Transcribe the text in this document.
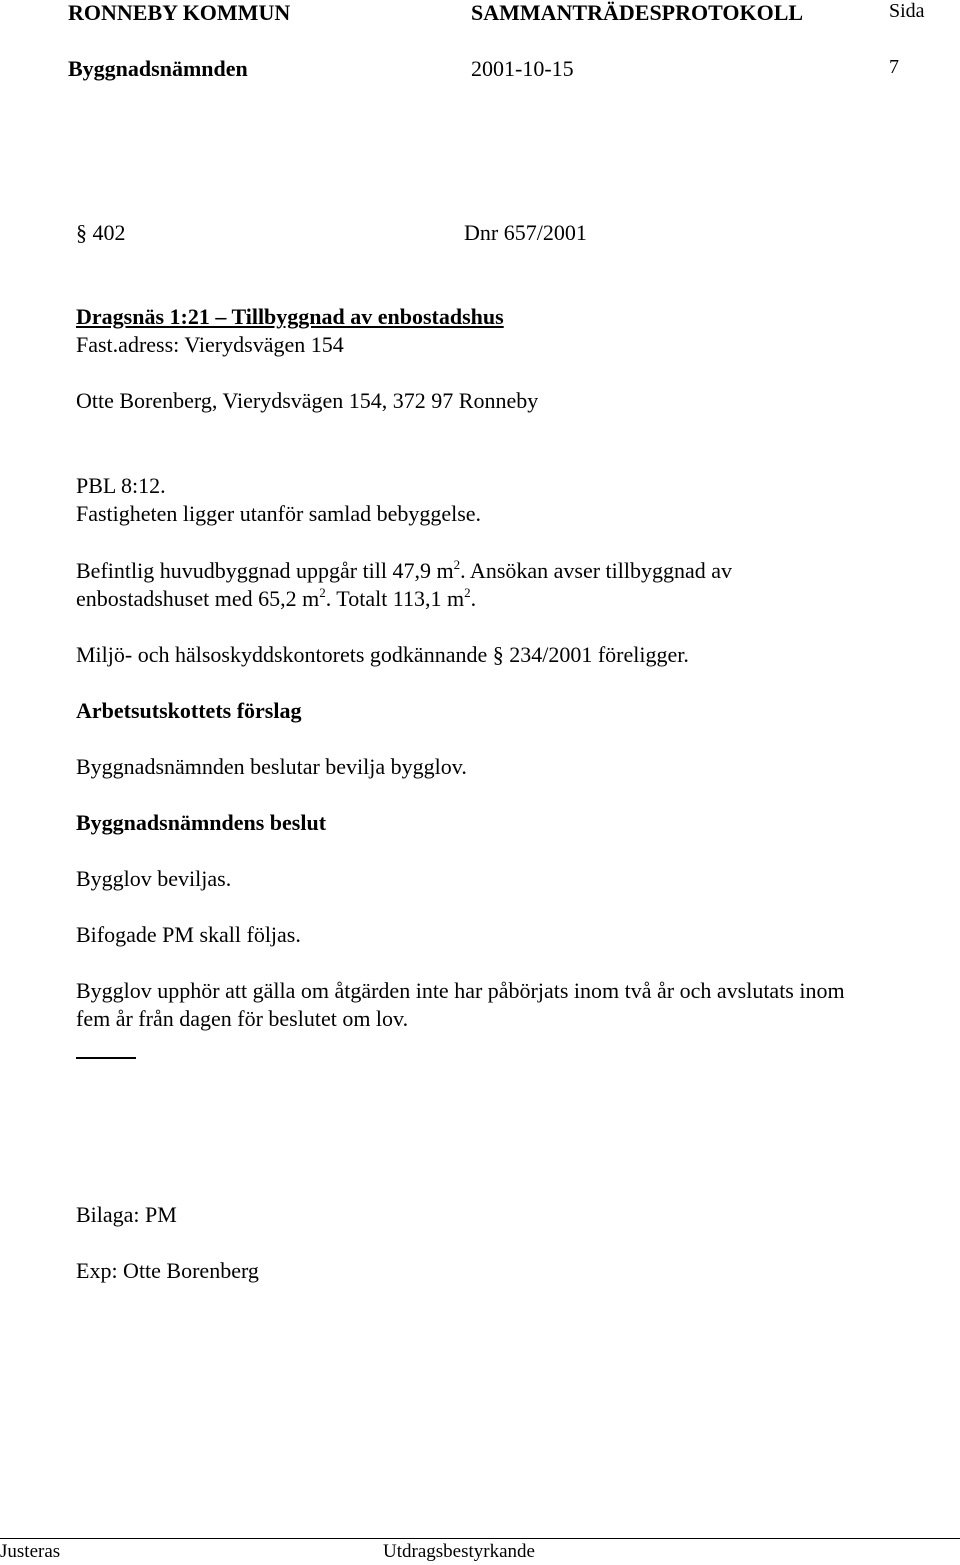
RONNEBY KOMMUN	SAMMANTRÄDESPROTOKOLL	Sida
Byggnadsnämnden	2001-10-15	7
§ 402	Dnr 657/2001
Dragsnäs 1:21 – Tillbyggnad av enbostadshus
Fast.adress: Vierydsvägen 154
Otte Borenberg, Vierydsvägen 154, 372 97 Ronneby
PBL 8:12.
Fastigheten ligger utanför samlad bebyggelse.
Befintlig huvudbyggnad uppgår till 47,9 $m^2$. Ansökan avser tillbyggnad av
enbostadshuset med 65,2 $m^2$. Totalt 113,1 $m^2$.
Miljö- och hälsoskyddskontorets godkännande § 234/2001 föreligger.
Arbetsutskottets förslag
Byggnadsnämnden beslutar bevilja bygglov.
Byggnadsnämndens beslut
Bygglov beviljas.
Bifogade PM skall följas.
Bygglov upphör att gälla om åtgärden inte har påbörjats inom två år och avslutats inom
fem år från dagen för beslutet om lov.
Bilaga: PM
Exp: Otte Borenberg
Justeras	Utdragsbestyrkande
